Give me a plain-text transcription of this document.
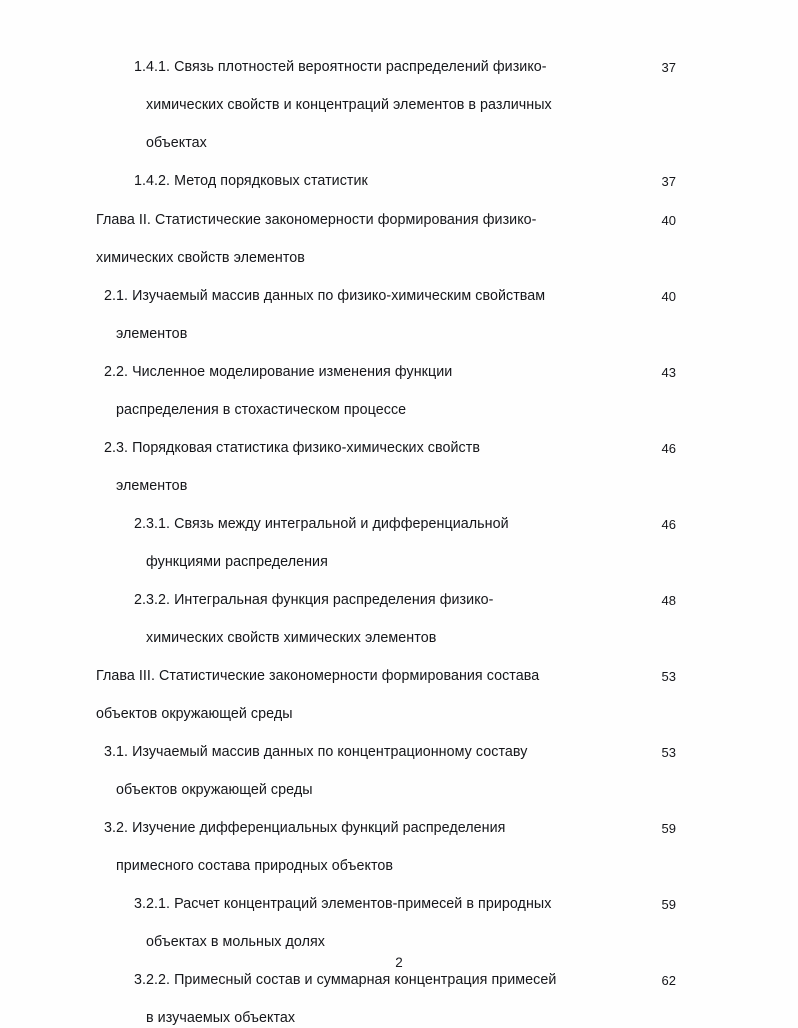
1.4.1. Связь плотностей вероятности распределений физико-
химических свойств и концентраций элементов в различных
объектах
37
1.4.2. Метод порядковых статистик	37
Глава II. Статистические закономерности формирования физико-
химических свойств элементов
40
2.1. Изучаемый массив данных по физико-химическим свойствам
элементов
40
2.2. Численное моделирование изменения функции
распределения в стохастическом процессе
43
2.3. Порядковая статистика физико-химических свойств
элементов
46
2.3.1. Связь между интегральной и дифференциальной
функциями распределения
46
2.3.2. Интегральная функция распределения физико-
химических свойств химических элементов
48
Глава III. Статистические закономерности формирования состава
объектов окружающей среды
53
3.1. Изучаемый массив данных по концентрационному составу
объектов окружающей среды
53
3.2. Изучение дифференциальных функций распределения
примесного состава природных объектов
59
3.2.1. Расчет концентраций элементов-примесей в природных
объектах в мольных долях
59
3.2.2. Примесный состав и суммарная концентрация примесей
в изучаемых объектах
62
2
